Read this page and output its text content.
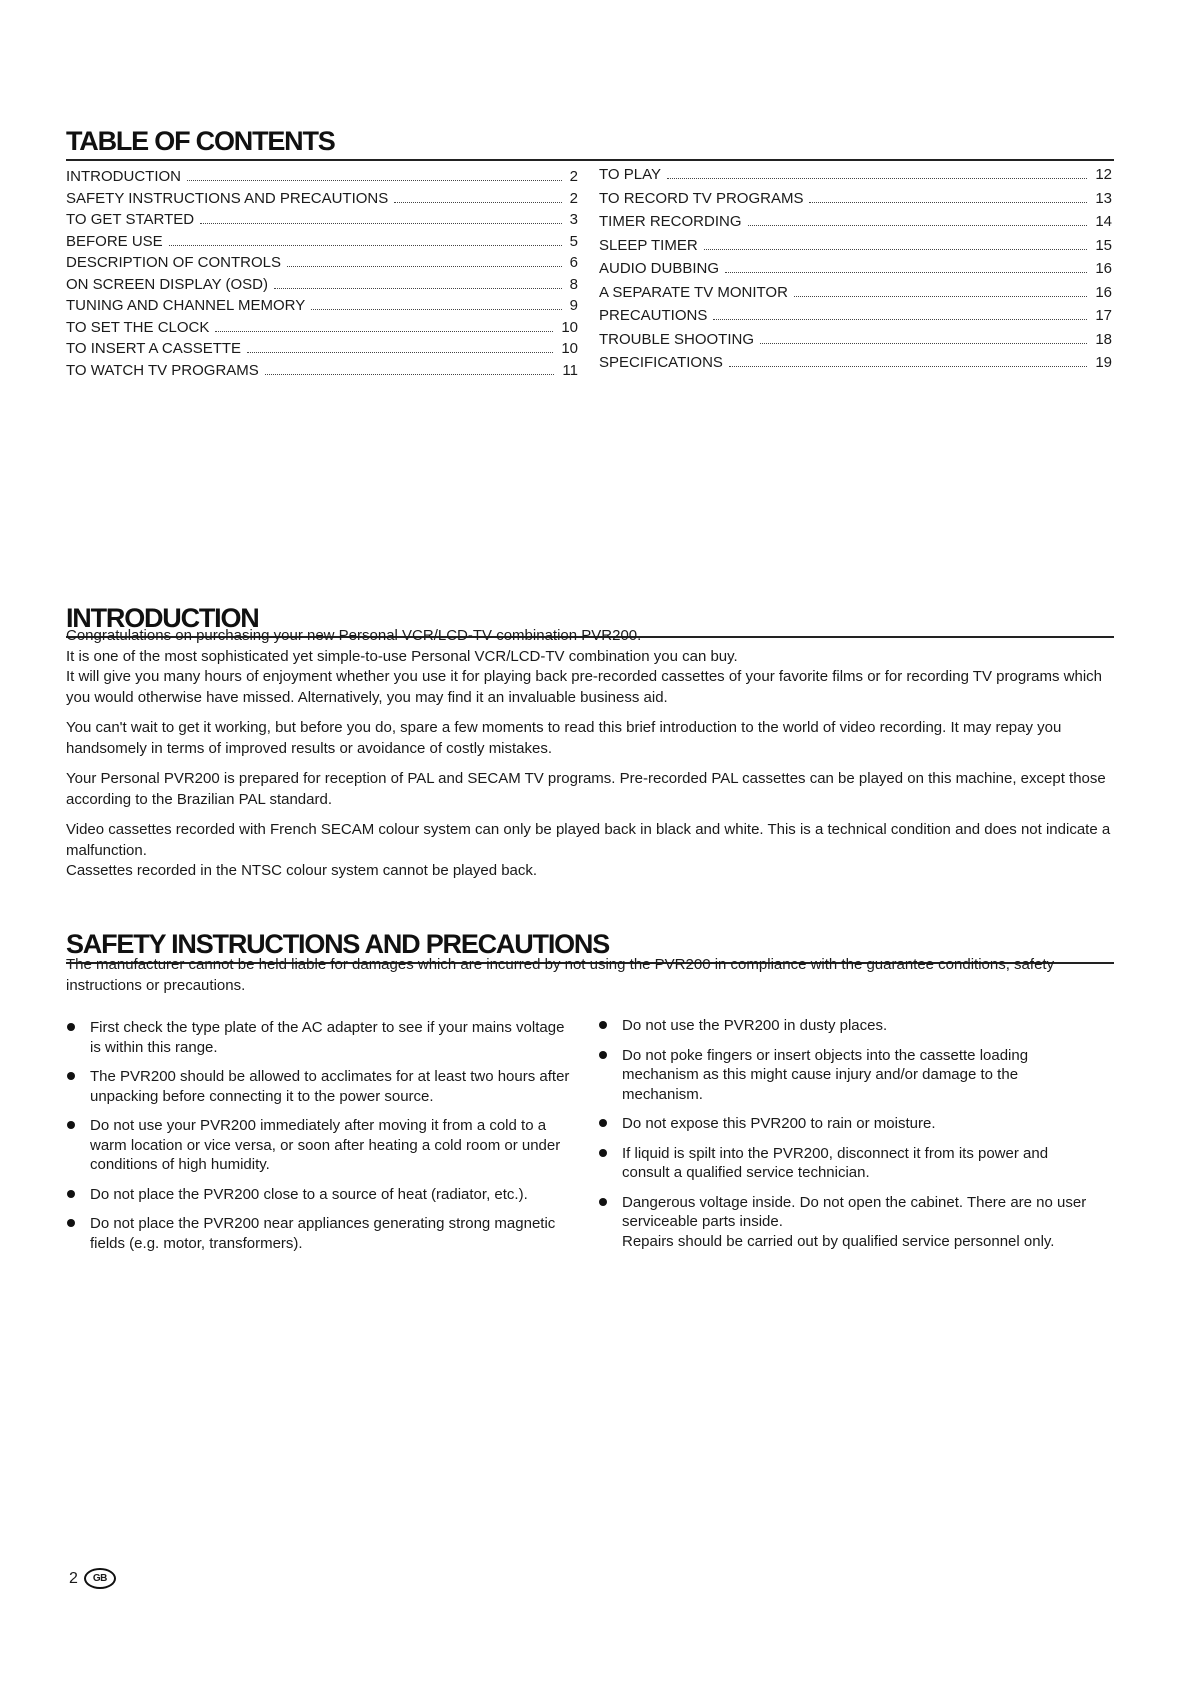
TABLE OF CONTENTS
INTRODUCTION	2
SAFETY INSTRUCTIONS AND PRECAUTIONS	2
TO GET STARTED	3
BEFORE USE	5
DESCRIPTION OF CONTROLS	6
ON SCREEN DISPLAY (OSD)	8
TUNING AND CHANNEL MEMORY	9
TO SET THE CLOCK	10
TO INSERT A CASSETTE	10
TO WATCH TV PROGRAMS	11
TO PLAY	12
TO RECORD TV PROGRAMS	13
TIMER RECORDING	14
SLEEP TIMER	15
AUDIO DUBBING	16
A SEPARATE TV MONITOR	16
PRECAUTIONS	17
TROUBLE SHOOTING	18
SPECIFICATIONS	19
INTRODUCTION

Congratulations on purchasing your new Personal VCR/LCD-TV combination PVR200.

It is one of the most sophisticated yet simple-to-use Personal VCR/LCD-TV combination you can buy.

It will give you many hours of enjoyment whether you use it for playing back pre-recorded cassettes of your favorite films or for recording TV programs which you would otherwise have missed. Alternatively, you may find it an invaluable business aid.

You can't wait to get it working, but before you do, spare a few moments to read this brief introduction to the world of video recording. It may repay you handsomely in terms of improved results or avoidance of costly mistakes.

Your Personal PVR200 is prepared for reception of PAL and SECAM TV programs. Pre-recorded PAL cassettes can be played on this machine, except those according to the Brazilian PAL standard.

Video cassettes recorded with French SECAM colour system can only be played back in black and white. This is a technical condition and does not indicate a malfunction.

Cassettes recorded in the NTSC colour system cannot be played back.

SAFETY INSTRUCTIONS AND PRECAUTIONS

The manufacturer cannot be held liable for damages which are incurred by not using the PVR200 in compliance with the guarantee conditions, safety instructions or precautions.

First check the type plate of the AC adapter to see if your mains voltage is within this range.
The PVR200 should be allowed to acclimates for at least two hours after unpacking before connecting it to the power source.
Do not use your PVR200 immediately after moving it from a cold to a warm location or vice versa, or soon after heating a cold room or under conditions of high humidity.
Do not place the PVR200 close to a source of heat (radiator, etc.).
Do not place the PVR200 near appliances generating strong magnetic fields (e.g. motor, transformers).
Do not use the PVR200 in dusty places.
Do not poke fingers or insert objects into the cassette loading mechanism as this might cause injury and/or damage to the mechanism.
Do not expose this PVR200 to rain or moisture.
If liquid is spilt into the PVR200, disconnect it from its power and consult a qualified service technician.
Dangerous voltage inside. Do not open the cabinet. There are no user serviceable parts inside.
Repairs should be carried out by qualified service personnel only.
2	GB
